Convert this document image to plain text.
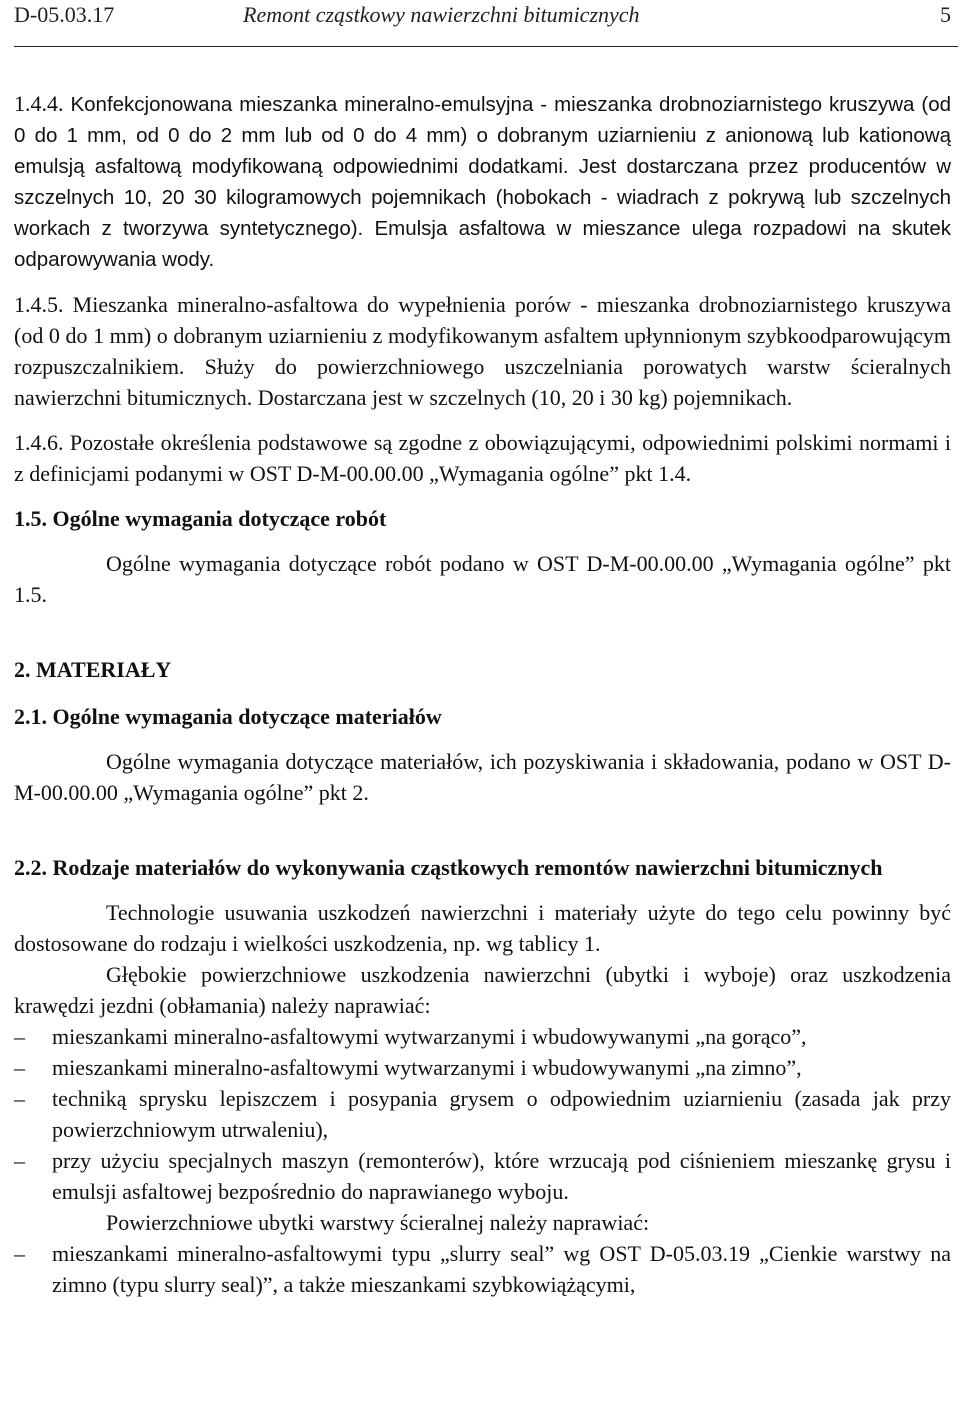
D-05.03.17	Remont cząstkowy nawierzchni bitumicznych	5

1.4.4. Konfekcjonowana mieszanka mineralno-emulsyjna - mieszanka drobnoziarnistego kruszywa (od 0 do 1 mm, od 0 do 2 mm lub od 0 do 4 mm) o dobranym uziarnieniu z anionową lub kationową emulsją asfaltową modyfikowaną odpowiednimi dodatkami. Jest dostarczana przez producentów w szczelnych 10, 20 30 kilogramowych pojemnikach (hobokach - wiadrach z pokrywą lub szczelnych workach z tworzywa syntetycznego). Emulsja asfaltowa w mieszance ulega rozpadowi na skutek odparowywania wody.

1.4.5. Mieszanka mineralno-asfaltowa do wypełnienia porów - mieszanka drobnoziarnistego kruszywa (od 0 do 1 mm) o dobranym uziarnieniu z modyfikowanym asfaltem upłynnionym szybkoodparowującym rozpuszczalnikiem. Służy do powierzchniowego uszczelniania porowatych warstw ścieralnych nawierzchni bitumicznych. Dostarczana jest w szczelnych (10, 20 i 30 kg) pojemnikach.

1.4.6. Pozostałe określenia podstawowe są zgodne z obowiązującymi, odpowiednimi polskimi normami i z definicjami podanymi w OST D-M-00.00.00 „Wymagania ogólne” pkt 1.4.

1.5. Ogólne wymagania dotyczące robót

Ogólne wymagania dotyczące robót podano w OST D-M-00.00.00 „Wymagania ogólne” pkt 1.5.

2. MATERIAŁY
2.1. Ogólne wymagania dotyczące materiałów

Ogólne wymagania dotyczące materiałów, ich pozyskiwania i składowania, podano w OST D-M-00.00.00 „Wymagania ogólne” pkt 2.

2.2. Rodzaje materiałów do wykonywania cząstkowych remontów nawierzchni bitumicznych

Technologie usuwania uszkodzeń nawierzchni i materiały użyte do tego celu powinny być dostosowane do rodzaju i wielkości uszkodzenia, np. wg tablicy 1.

Głębokie powierzchniowe uszkodzenia nawierzchni (ubytki i wyboje) oraz uszkodzenia krawędzi jezdni (obłamania) należy naprawiać:

– mieszankami mineralno-asfaltowymi wytwarzanymi i wbudowywanymi „na gorąco”,
– mieszankami mineralno-asfaltowymi wytwarzanymi i wbudowywanymi „na zimno”,
– techniką sprysku lepiszczem i posypania grysem o odpowiednim uziarnieniu (zasada jak przy powierzchniowym utrwaleniu),
– przy użyciu specjalnych maszyn (remonterów), które wrzucają pod ciśnieniem mieszankę grysu i emulsji asfaltowej bezpośrednio do naprawianego wyboju.

Powierzchniowe ubytki warstwy ścieralnej należy naprawiać:

– mieszankami mineralno-asfaltowymi typu „slurry seal” wg OST D-05.03.19 „Cienkie warstwy na zimno (typu slurry seal)”, a także mieszankami szybkowiążącymi,
